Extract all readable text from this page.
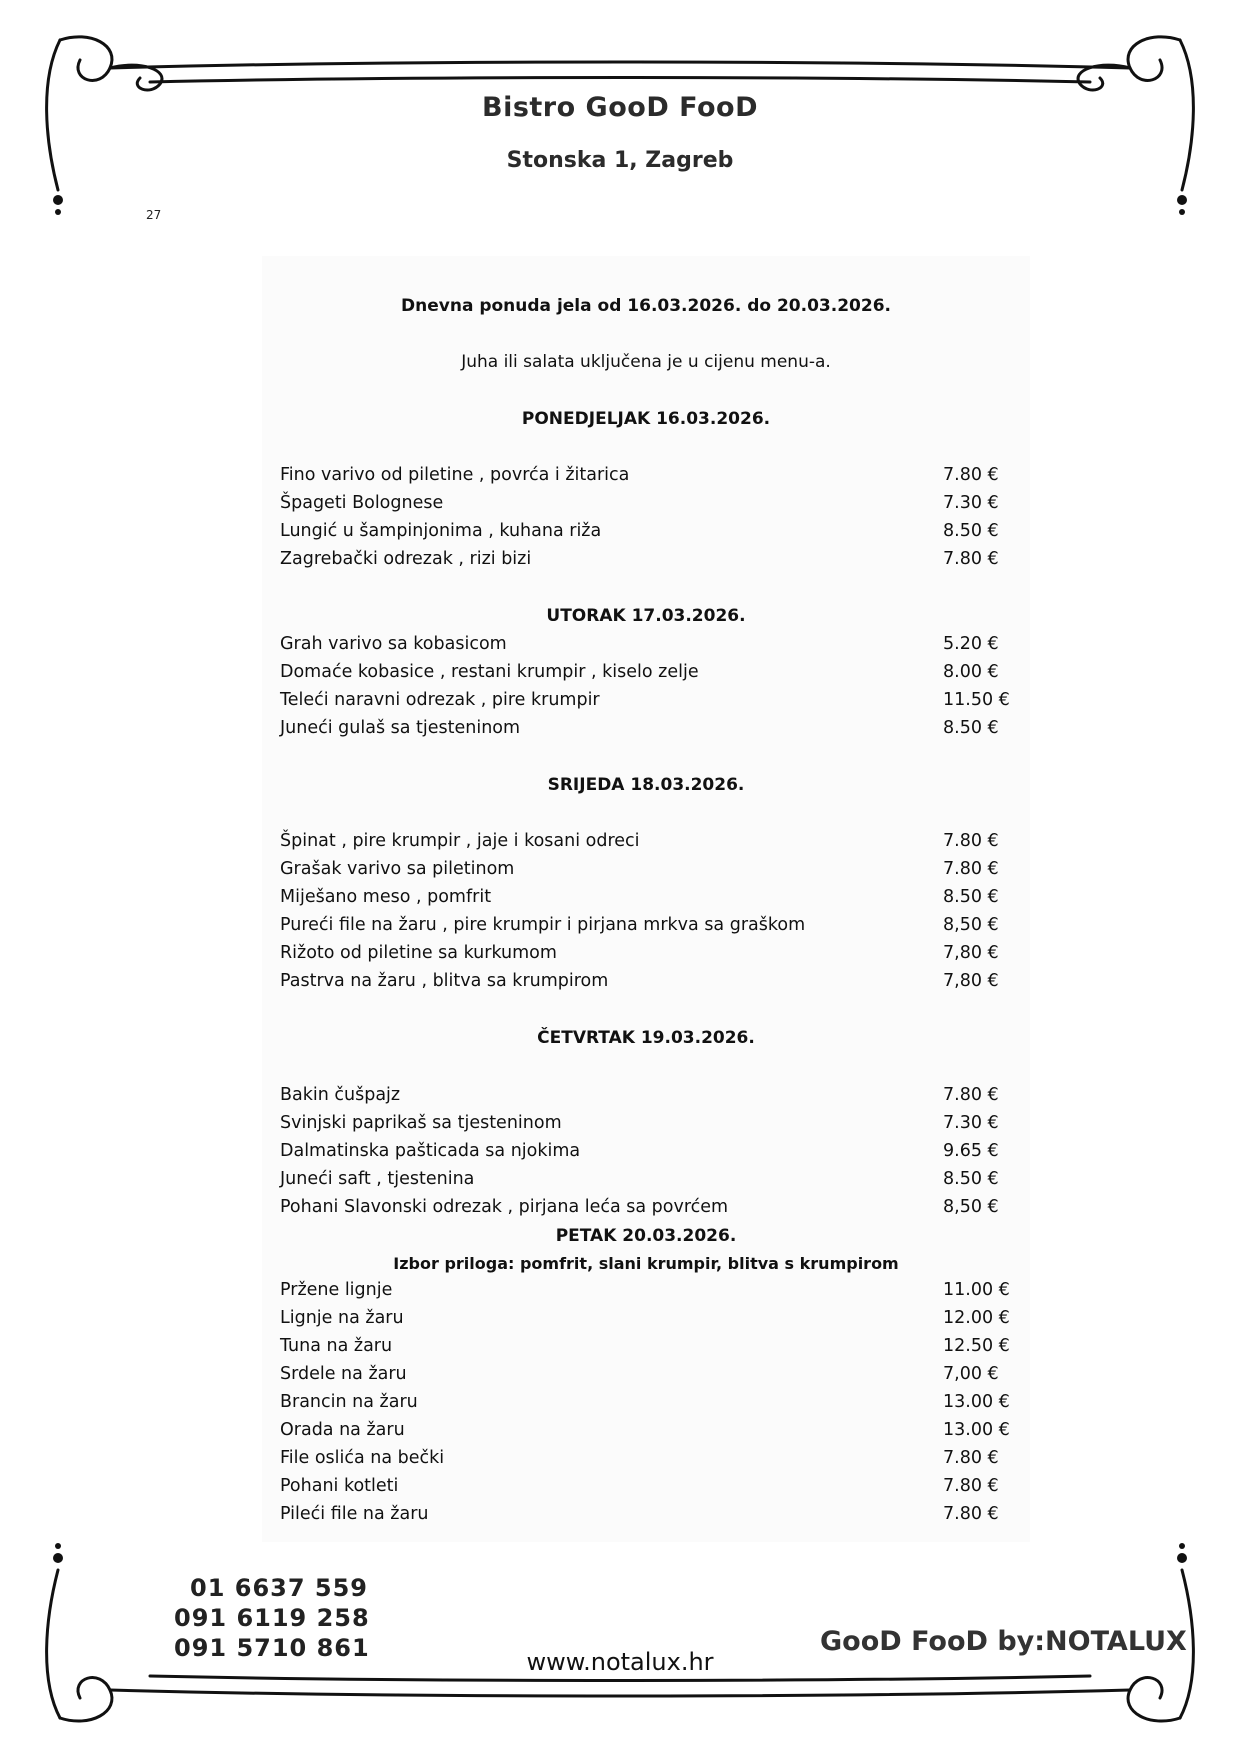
Bistro GooD FooD
Stonska 1, Zagreb
27
Dnevna ponuda jela od 16.03.2026. do 20.03.2026.
Juha ili salata uključena je u cijenu menu-a.
PONEDJELJAK 16.03.2026.
Fino varivo od piletine , povrća i žitarica	7.80 €
Špageti Bolognese	7.30 €
Lungić u šampinjonima , kuhana riža	8.50 €
Zagrebački odrezak , rizi bizi	7.80 €
UTORAK 17.03.2026.
Grah varivo sa kobasicom	5.20 €
Domaće kobasice , restani krumpir , kiselo zelje	8.00 €
Teleći naravni odrezak , pire krumpir	11.50 €
Juneći gulaš sa tjesteninom	8.50 €
SRIJEDA 18.03.2026.
Špinat , pire krumpir , jaje i kosani odreci	7.80 €
Grašak varivo sa piletinom	7.80 €
Miješano meso , pomfrit	8.50 €
Pureći file na žaru , pire krumpir i pirjana mrkva sa graškom	8,50 €
Rižoto od piletine sa kurkumom	7,80 €
Pastrva na žaru , blitva sa krumpirom	7,80 €
ČETVRTAK 19.03.2026.
Bakin čušpajz	7.80 €
Svinjski paprikaš sa tjesteninom	7.30 €
Dalmatinska pašticada sa njokima	9.65 €
Juneći saft , tjestenina	8.50 €
Pohani Slavonski odrezak , pirjana leća sa povrćem	8,50 €
PETAK 20.03.2026.
Izbor priloga: pomfrit, slani krumpir, blitva s krumpirom
Pržene lignje	11.00 €
Lignje na žaru	12.00 €
Tuna na žaru	12.50 €
Srdele na žaru	7,00 €
Brancin na žaru	13.00 €
Orada na žaru	13.00 €
File oslića na bečki	7.80 €
Pohani kotleti	7.80 €
Pileći file na žaru	7.80 €
01 6637 559
091 6119 258
091 5710 861	GooD FooD by:NOTALUX
www.notalux.hr
